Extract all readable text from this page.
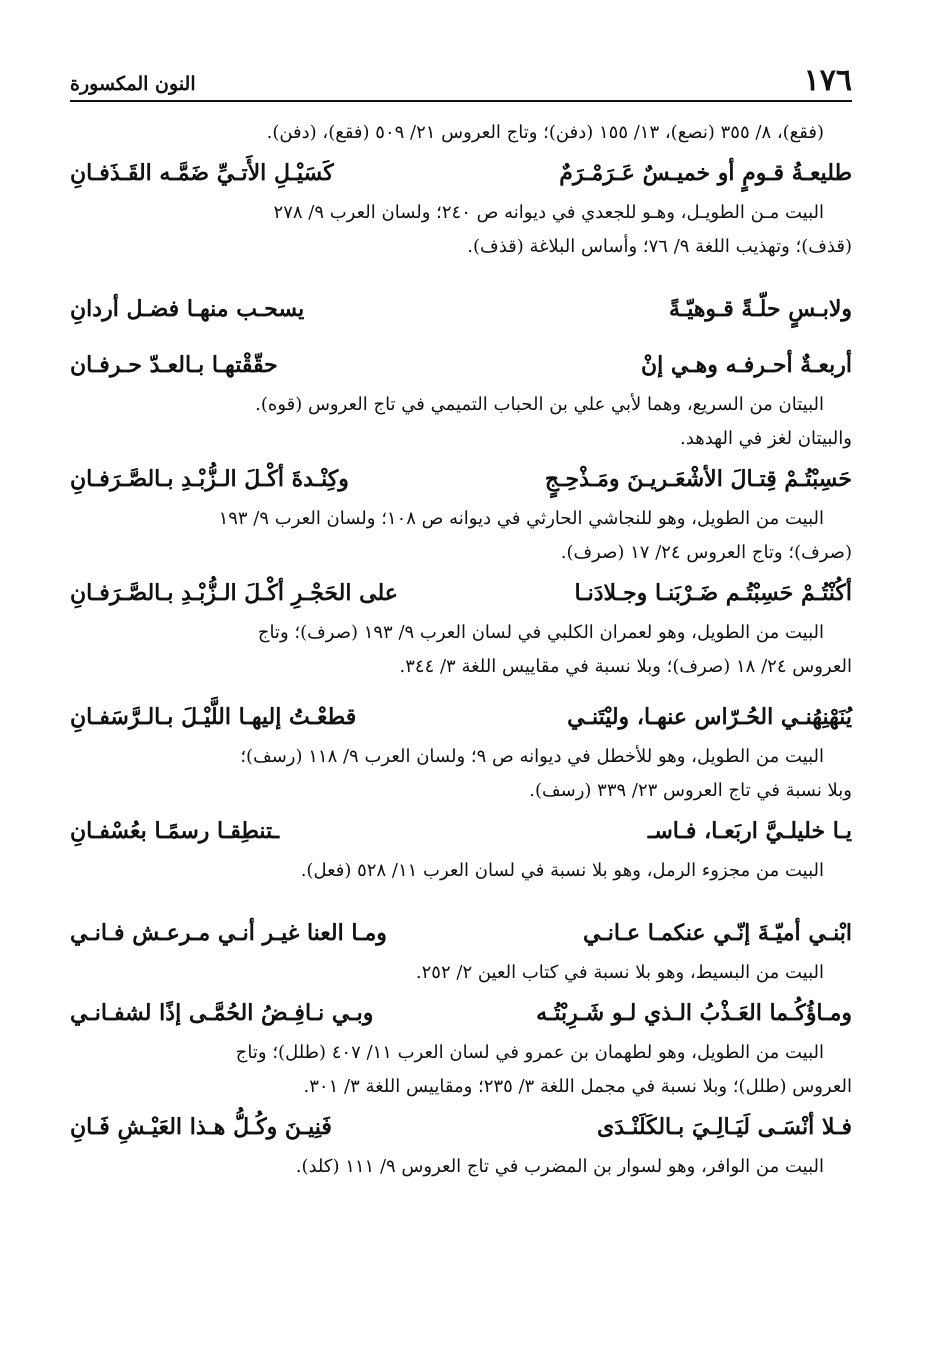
١٧٦
النون المكسورة

(فقع)، ٨/ ٣٥٥ (نصع)، ١٣/ ١٥٥ (دفن)؛ وتاج العروس ٢١/ ٥٠٩ (فقع)، (دفن).

طليعـةُ قـومٍ أو خميـسٌ عَـرَمْـرَمٌ
كَسَيْـلِ الأَتـيِّ ضَمَّـه القَـذَفـانِ

البيت مـن الطويـل، وهـو للجعدي في ديوانه ص ٢٤٠؛ ولسان العرب ٩/ ٢٧٨
(قذف)؛ وتهذيب اللغة ٩/ ٧٦؛ وأساس البلاغة (قذف).

ولابـسٍ حلّـةً قـوهيّـةً
يسحـب منهـا فضـل أردانِ
أربعـةٌ أحـرفـه وهـي إنْ
حقّقْتهـا بـالعـدّ حـرفـان

البيتان من السريع، وهما لأبي علي بن الحباب التميمي في تاج العروس (قوه).
والبيتان لغز في الهدهد.

حَسِبْتُـمْ قِتـالَ الأشْعَـريـنَ ومَـذْحِـجٍ
وكِنْـدةَ أكْـلَ الـزُّبْـدِ بـالصَّـرَفـانِ

البيت من الطويل، وهو للنجاشي الحارثي في ديوانه ص ١٠٨؛ ولسان العرب ٩/ ١٩٣
(صرف)؛ وتاج العروس ٢٤/ ١٧ (صرف).

أكُنْتُـمْ حَسِبْتُـم ضَـرْبَنـا وجـلادَنـا
على الحَجْـرِ أكْـلَ الـزُّبْـدِ بـالصَّـرَفـانِ

البيت من الطويل، وهو لعمران الكلبي في لسان العرب ٩/ ١٩٣ (صرف)؛ وتاج
العروس ٢٤/ ١٨ (صرف)؛ وبلا نسبة في مقاييس اللغة ٣/ ٣٤٤.

يُنَهْنِهُنـي الحُـرّاس عنهـا، وليْتَنـي
قطعْـتُ إليهـا اللَّيْـلَ بـالـرَّسَفـانِ

البيت من الطويل، وهو للأخطل في ديوانه ص ٩؛ ولسان العرب ٩/ ١١٨ (رسف)؛
وبلا نسبة في تاج العروس ٢٣/ ٣٣٩ (رسف).

يـا خليلـيَّ اربَعـا، فـاسـ
ـتنطِقـا رسمًـا بعُسْفـانِ

البيت من مجزوء الرمل، وهو بلا نسبة في لسان العرب ١١/ ٥٢٨ (فعل).

ابْنـي أميّـةَ إنّـي عنكمـا عـانـي
ومـا العنا غيـر أنـي مـرعـش فـانـي

البيت من البسيط، وهو بلا نسبة في كتاب العين ٢/ ٢٥٢.

ومـاؤُكُـما العَـذْبُ الـذي لـو شَـرِبْتُـه
وبـي نـافِـضُ الحُمَّـى إذًا لشفـانـي

البيت من الطويل، وهو لطهمان بن عمرو في لسان العرب ١١/ ٤٠٧ (طلل)؛ وتاج
العروس (طلل)؛ وبلا نسبة في مجمل اللغة ٣/ ٢٣٥؛ ومقاييس اللغة ٣/ ٣٠١.

فـلا أنْسَـى لَيَـالِـيَ بـالكَلَنْـدَى
فَنِيـنَ وكُـلُّ هـذا العَيْـشِ فَـانِ

البيت من الوافر، وهو لسوار بن المضرب في تاج العروس ٩/ ١١١ (كلد).
